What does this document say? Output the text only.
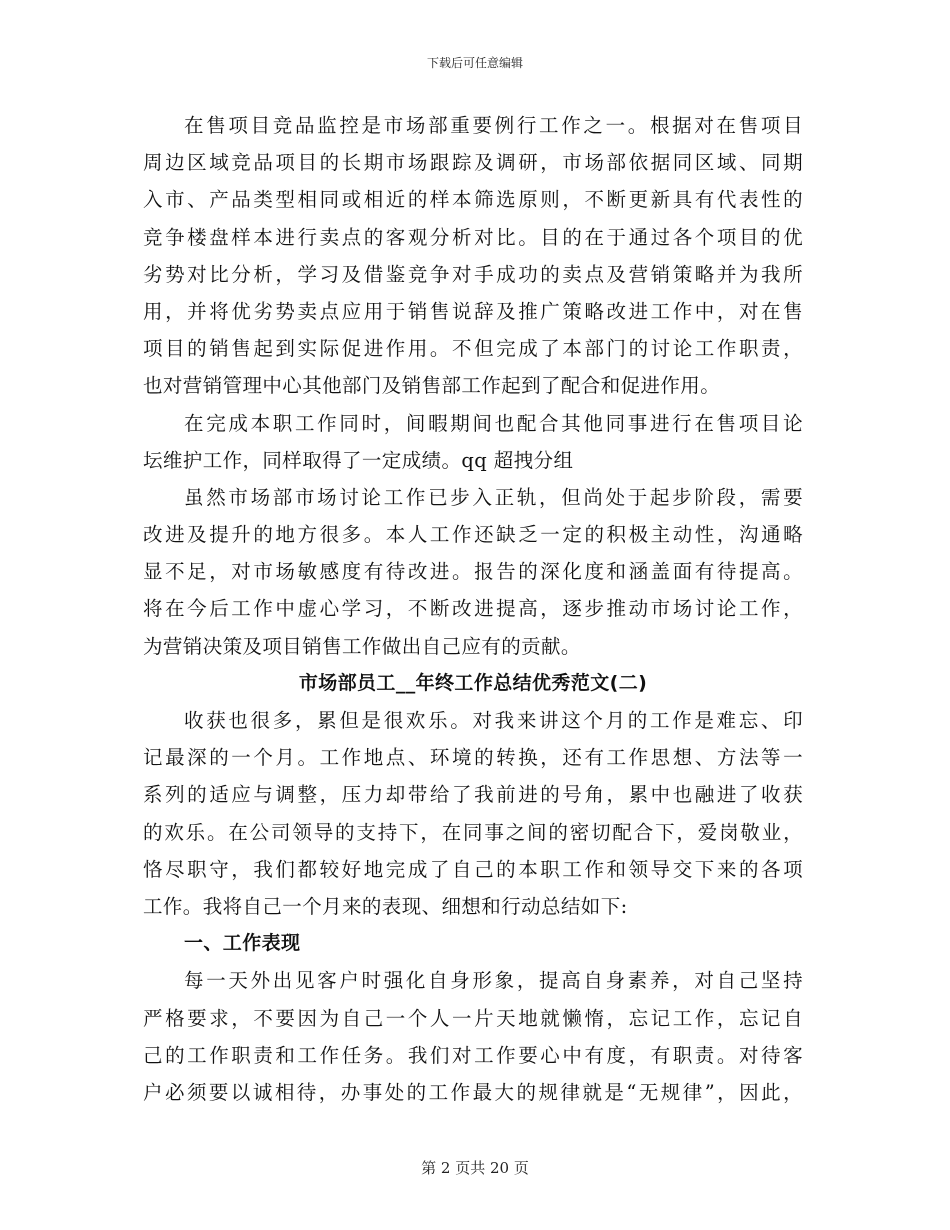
下载后可任意编辑
在售项目竞品监控是市场部重要例行工作之一。根据对在售项目
周边区域竞品项目的长期市场跟踪及调研，市场部依据同区域、同期
入市、产品类型相同或相近的样本筛选原则，不断更新具有代表性的
竞争楼盘样本进行卖点的客观分析对比。目的在于通过各个项目的优
劣势对比分析，学习及借鉴竞争对手成功的卖点及营销策略并为我所
用，并将优劣势卖点应用于销售说辞及推广策略改进工作中，对在售
项目的销售起到实际促进作用。不但完成了本部门的讨论工作职责，
也对营销管理中心其他部门及销售部工作起到了配合和促进作用。
在完成本职工作同时，间暇期间也配合其他同事进行在售项目论
坛维护工作，同样取得了一定成绩。qq 超拽分组
虽然市场部市场讨论工作已步入正轨，但尚处于起步阶段，需要
改进及提升的地方很多。本人工作还缺乏一定的积极主动性，沟通略
显不足，对市场敏感度有待改进。报告的深化度和涵盖面有待提高。
将在今后工作中虚心学习，不断改进提高，逐步推动市场讨论工作，
为营销决策及项目销售工作做出自己应有的贡献。
市场部员工__年终工作总结优秀范文(二)
收获也很多，累但是很欢乐。对我来讲这个月的工作是难忘、印
记最深的一个月。工作地点、环境的转换，还有工作思想、方法等一
系列的适应与调整，压力却带给了我前进的号角，累中也融进了收获
的欢乐。在公司领导的支持下，在同事之间的密切配合下，爱岗敬业，
恪尽职守，我们都较好地完成了自己的本职工作和领导交下来的各项
工作。我将自己一个月来的表现、细想和行动总结如下:
一、工作表现
每一天外出见客户时强化自身形象，提高自身素养，对自己坚持
严格要求，不要因为自己一个人一片天地就懒惰，忘记工作，忘记自
己的工作职责和工作任务。我们对工作要心中有度，有职责。对待客
户必须要以诚相待，办事处的工作最大的规律就是“无规律”，因此，
第 2 页共 20 页
